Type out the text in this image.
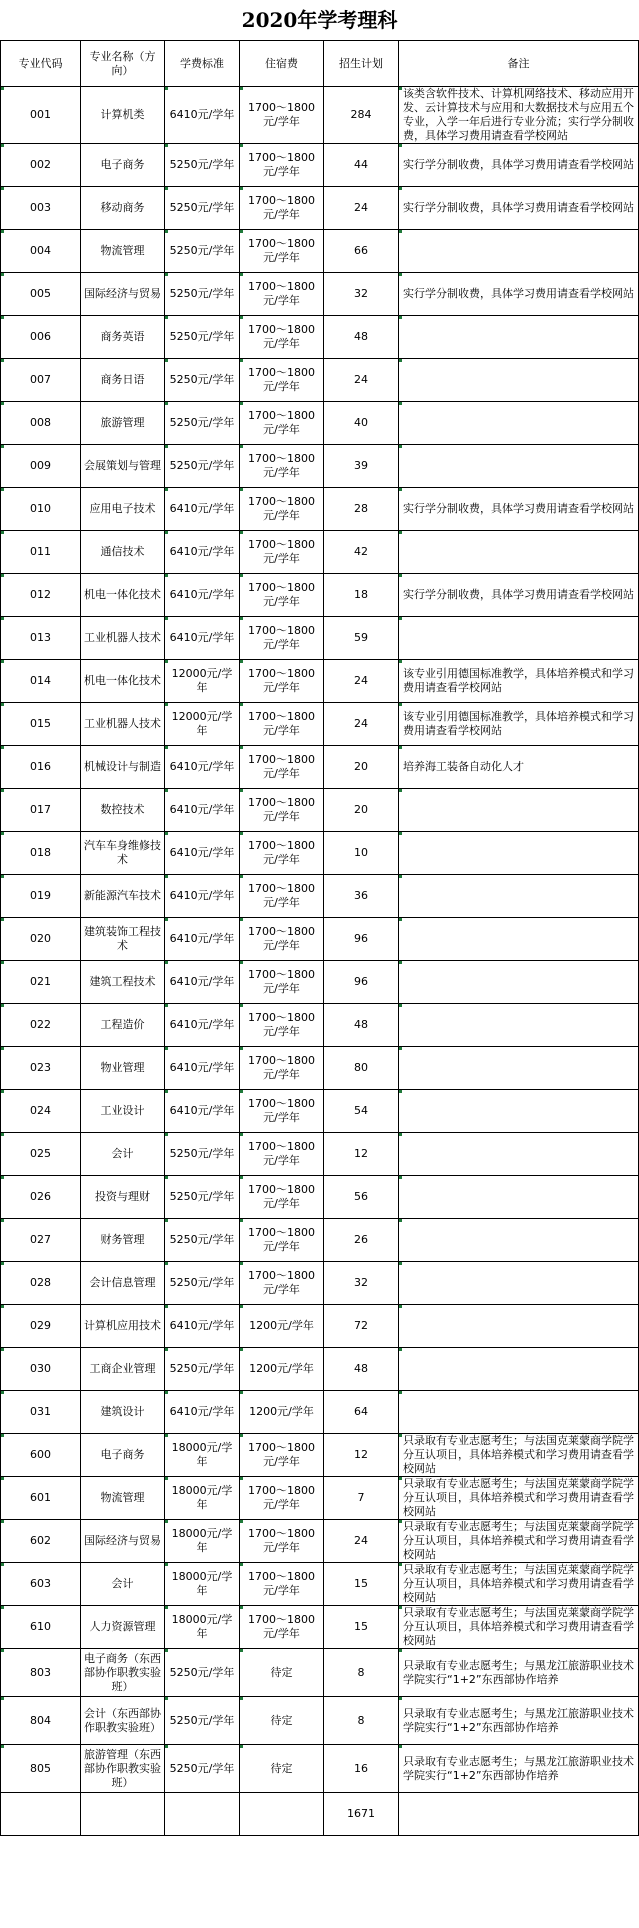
2020年学考理科
专业代码	专业名称（方向）	学费标准	住宿费	招生计划	备注
001	计算机类	6410元/学年	1700～1800元/学年	284	该类含软件技术、计算机网络技术、移动应用开发、云计算技术与应用和大数据技术与应用五个专业，入学一年后进行专业分流；实行学分制收费，具体学习费用请查看学校网站
002	电子商务	5250元/学年	1700～1800元/学年	44	实行学分制收费，具体学习费用请查看学校网站
003	移动商务	5250元/学年	1700～1800元/学年	24	实行学分制收费，具体学习费用请查看学校网站
004	物流管理	5250元/学年	1700～1800元/学年	66	
005	国际经济与贸易	5250元/学年	1700～1800元/学年	32	实行学分制收费，具体学习费用请查看学校网站
006	商务英语	5250元/学年	1700～1800元/学年	48	
007	商务日语	5250元/学年	1700～1800元/学年	24	
008	旅游管理	5250元/学年	1700～1800元/学年	40	
009	会展策划与管理	5250元/学年	1700～1800元/学年	39	
010	应用电子技术	6410元/学年	1700～1800元/学年	28	实行学分制收费，具体学习费用请查看学校网站
011	通信技术	6410元/学年	1700～1800元/学年	42	
012	机电一体化技术	6410元/学年	1700～1800元/学年	18	实行学分制收费，具体学习费用请查看学校网站
013	工业机器人技术	6410元/学年	1700～1800元/学年	59	
014	机电一体化技术	12000元/学年	1700～1800元/学年	24	该专业引用德国标准教学，具体培养模式和学习费用请查看学校网站
015	工业机器人技术	12000元/学年	1700～1800元/学年	24	该专业引用德国标准教学，具体培养模式和学习费用请查看学校网站
016	机械设计与制造	6410元/学年	1700～1800元/学年	20	培养海工装备自动化人才
017	数控技术	6410元/学年	1700～1800元/学年	20	
018	汽车车身维修技术	6410元/学年	1700～1800元/学年	10	
019	新能源汽车技术	6410元/学年	1700～1800元/学年	36	
020	建筑装饰工程技术	6410元/学年	1700～1800元/学年	96	
021	建筑工程技术	6410元/学年	1700～1800元/学年	96	
022	工程造价	6410元/学年	1700～1800元/学年	48	
023	物业管理	6410元/学年	1700～1800元/学年	80	
024	工业设计	6410元/学年	1700～1800元/学年	54	
025	会计	5250元/学年	1700～1800元/学年	12	
026	投资与理财	5250元/学年	1700～1800元/学年	56	
027	财务管理	5250元/学年	1700～1800元/学年	26	
028	会计信息管理	5250元/学年	1700～1800元/学年	32	
029	计算机应用技术	6410元/学年	1200元/学年	72	
030	工商企业管理	5250元/学年	1200元/学年	48	
031	建筑设计	6410元/学年	1200元/学年	64	
600	电子商务	18000元/学年	1700～1800元/学年	12	只录取有专业志愿考生；与法国克莱蒙商学院学分互认项目，具体培养模式和学习费用请查看学校网站
601	物流管理	18000元/学年	1700～1800元/学年	7	只录取有专业志愿考生；与法国克莱蒙商学院学分互认项目，具体培养模式和学习费用请查看学校网站
602	国际经济与贸易	18000元/学年	1700～1800元/学年	24	只录取有专业志愿考生；与法国克莱蒙商学院学分互认项目，具体培养模式和学习费用请查看学校网站
603	会计	18000元/学年	1700～1800元/学年	15	只录取有专业志愿考生；与法国克莱蒙商学院学分互认项目，具体培养模式和学习费用请查看学校网站
610	人力资源管理	18000元/学年	1700～1800元/学年	15	只录取有专业志愿考生；与法国克莱蒙商学院学分互认项目，具体培养模式和学习费用请查看学校网站
803	电子商务（东西部协作职教实验班）	5250元/学年	待定	8	只录取有专业志愿考生；与黑龙江旅游职业技术学院实行“1+2”东西部协作培养
804	会计（东西部协作职教实验班）	5250元/学年	待定	8	只录取有专业志愿考生；与黑龙江旅游职业技术学院实行“1+2”东西部协作培养
805	旅游管理（东西部协作职教实验班）	5250元/学年	待定	16	只录取有专业志愿考生；与黑龙江旅游职业技术学院实行“1+2”东西部协作培养
				1671	
